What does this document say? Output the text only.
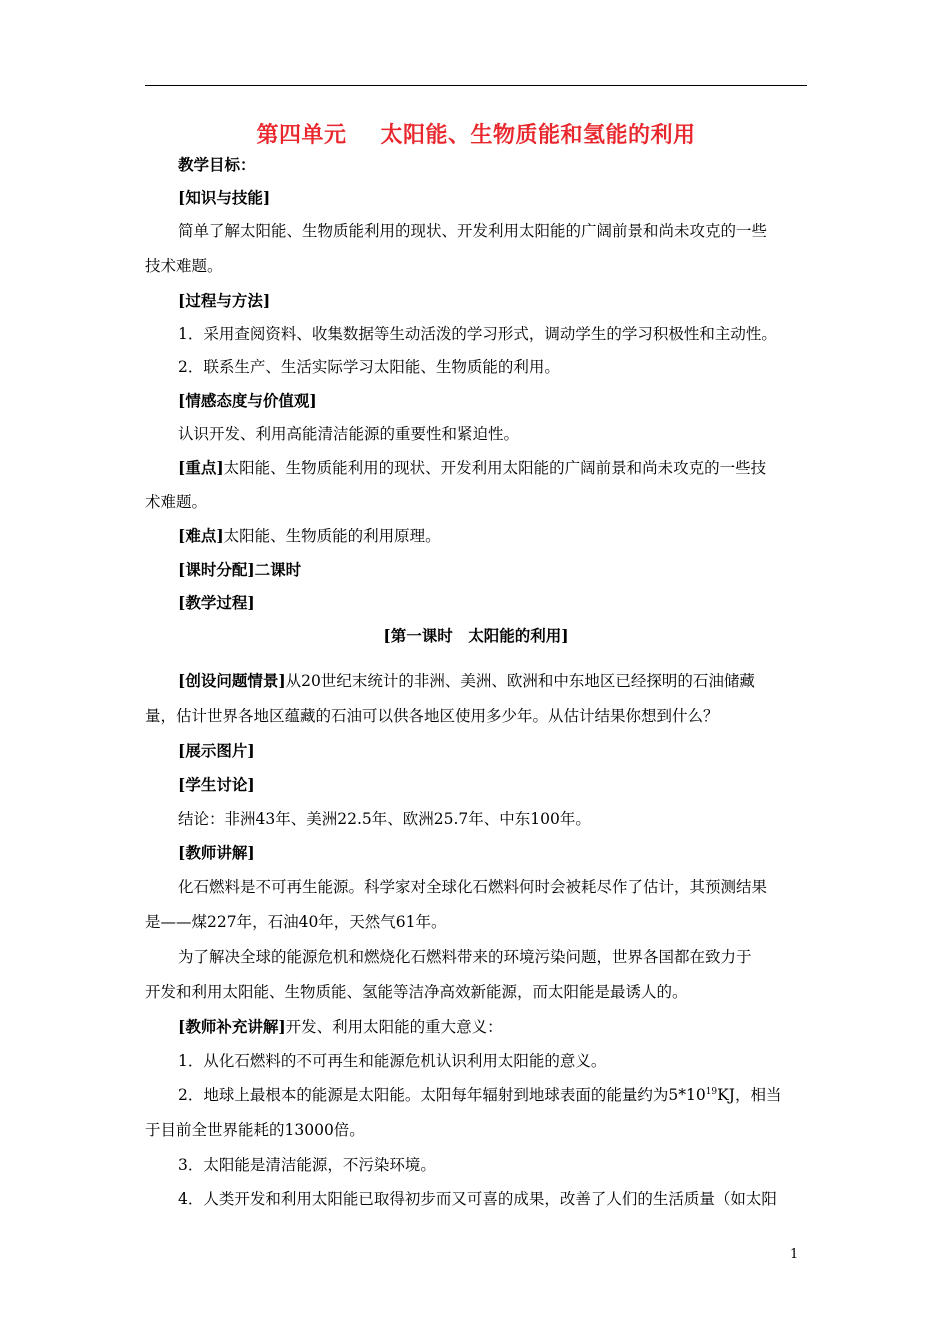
第四单元 太阳能、生物质能和氢能的利用
教学目标：
[知识与技能]
简单了解太阳能、生物质能利用的现状、开发利用太阳能的广阔前景和尚未攻克的一些
技术难题。
[过程与方法]
1．采用查阅资料、收集数据等生动活泼的学习形式，调动学生的学习积极性和主动性。
2．联系生产、生活实际学习太阳能、生物质能的利用。
[情感态度与价值观]
认识开发、利用高能清洁能源的重要性和紧迫性。
[重点]太阳能、生物质能利用的现状、开发利用太阳能的广阔前景和尚未攻克的一些技
术难题。
[难点]太阳能、生物质能的利用原理。
[课时分配]二课时
[教学过程]
[第一课时　太阳能的利用]
[创设问题情景]从20世纪末统计的非洲、美洲、欧洲和中东地区已经探明的石油储藏
量，估计世界各地区蕴藏的石油可以供各地区使用多少年。从估计结果你想到什么？
[展示图片]
[学生讨论]
结论：非洲43年、美洲22.5年、欧洲25.7年、中东100年。
[教师讲解]
化石燃料是不可再生能源。科学家对全球化石燃料何时会被耗尽作了估计，其预测结果
是——煤227年，石油40年，天然气61年。
为了解决全球的能源危机和燃烧化石燃料带来的环境污染问题，世界各国都在致力于
开发和利用太阳能、生物质能、氢能等洁净高效新能源，而太阳能是最诱人的。
[教师补充讲解]开发、利用太阳能的重大意义：
1．从化石燃料的不可再生和能源危机认识利用太阳能的意义。
2．地球上最根本的能源是太阳能。太阳每年辐射到地球表面的能量约为$5*10^{19}KJ$，相当
于目前全世界能耗的13000倍。
3．太阳能是清洁能源，不污染环境。
4．人类开发和利用太阳能已取得初步而又可喜的成果，改善了人们的生活质量（如太阳
1
